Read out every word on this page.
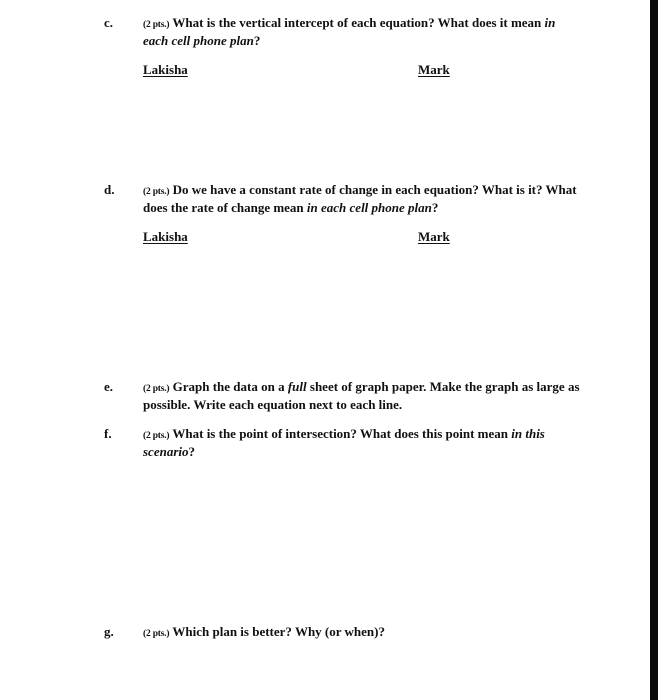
c.	(2 pts.) What is the vertical intercept of each equation? What does it mean in each cell phone plan?
Lakisha	Mark
d.	(2 pts.) Do we have a constant rate of change in each equation? What is it? What does the rate of change mean in each cell phone plan?
Lakisha	Mark
e.	(2 pts.) Graph the data on a full sheet of graph paper. Make the graph as large as possible. Write each equation next to each line.
f.	(2 pts.) What is the point of intersection? What does this point mean in this scenario?
g.	(2 pts.) Which plan is better? Why (or when)?
